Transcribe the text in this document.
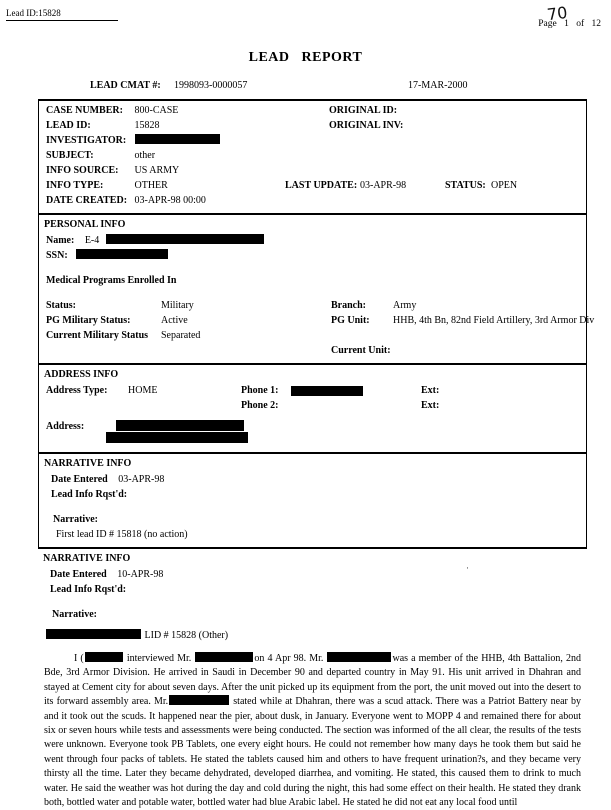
Lead ID:15828	70
Page 1 of 12
LEAD REPORT
LEAD CMAT #: 1998093-0000057	17-MAR-2000
CASE NUMBER: 800-CASE	ORIGINAL ID:
LEAD ID:	15828	ORIGINAL INV:
INVESTIGATOR:
SUBJECT:	other
INFO SOURCE: US ARMY
INFO TYPE:	OTHER	LAST UPDATE: 03-APR-98	STATUS: OPEN
DATE CREATED: 03-APR-98 00:00
PERSONAL INFO
Name: E-4
SSN:
Medical Programs Enrolled In
Status:	Military	Branch:	Army
PG Military Status:	Active	PG Unit: HHB, 4th Bn, 82nd Field Artillery, 3rd Armor Div
Current Military Status Separated
Current Unit:
ADDRESS INFO
Address Type: HOME	Phone 1:	Ext:
Phone 2:	Ext:
Address:
NARRATIVE INFO
Date Entered 03-APR-98
Lead Info Rqst'd:
Narrative:
First lead ID # 15818 (no action)
·
NARRATIVE INFO
Date Entered 10-APR-98
Lead Info Rqst'd:
Narrative:
LID # 15828 (Other)
I (	interviewed Mr.	on 4 Apr 98. Mr.	was a member of the HHB, 4th Battalion, 2nd Bde, 3rd Armor Division. He arrived in Saudi in December 90 and departed country in May 91. His unit arrived in Dhahran and stayed at Cement city for about seven days. After the unit picked up its equipment from the port, the unit moved out into the desert to its forward assembly area. Mr.	stated while at Dhahran, there was a scud attack. There was a Patriot Battery near by and it took out the scuds. It happened near the pier, about dusk, in January. Everyone went to MOPP 4 and remained there for about six or seven hours while tests and assessments were being conducted. The section was informed of the all clear, the results of the tests were unknown. Everyone took PB Tablets, one every eight hours. He could not remember how many days he took them but said he went through four packs of tablets. He stated the tablets caused him and others to have frequent urination?s, and they became very thirsty all the time. Later they became dehydrated, developed diarrhea, and vomiting. He stated, this caused them to drink to much water. He said the weather was hot during the day and cold during the night, this had some effect on their health. He stated they drank both, bottled water and potable water, bottled water had blue Arabic label. He stated he did not eat any local food until
